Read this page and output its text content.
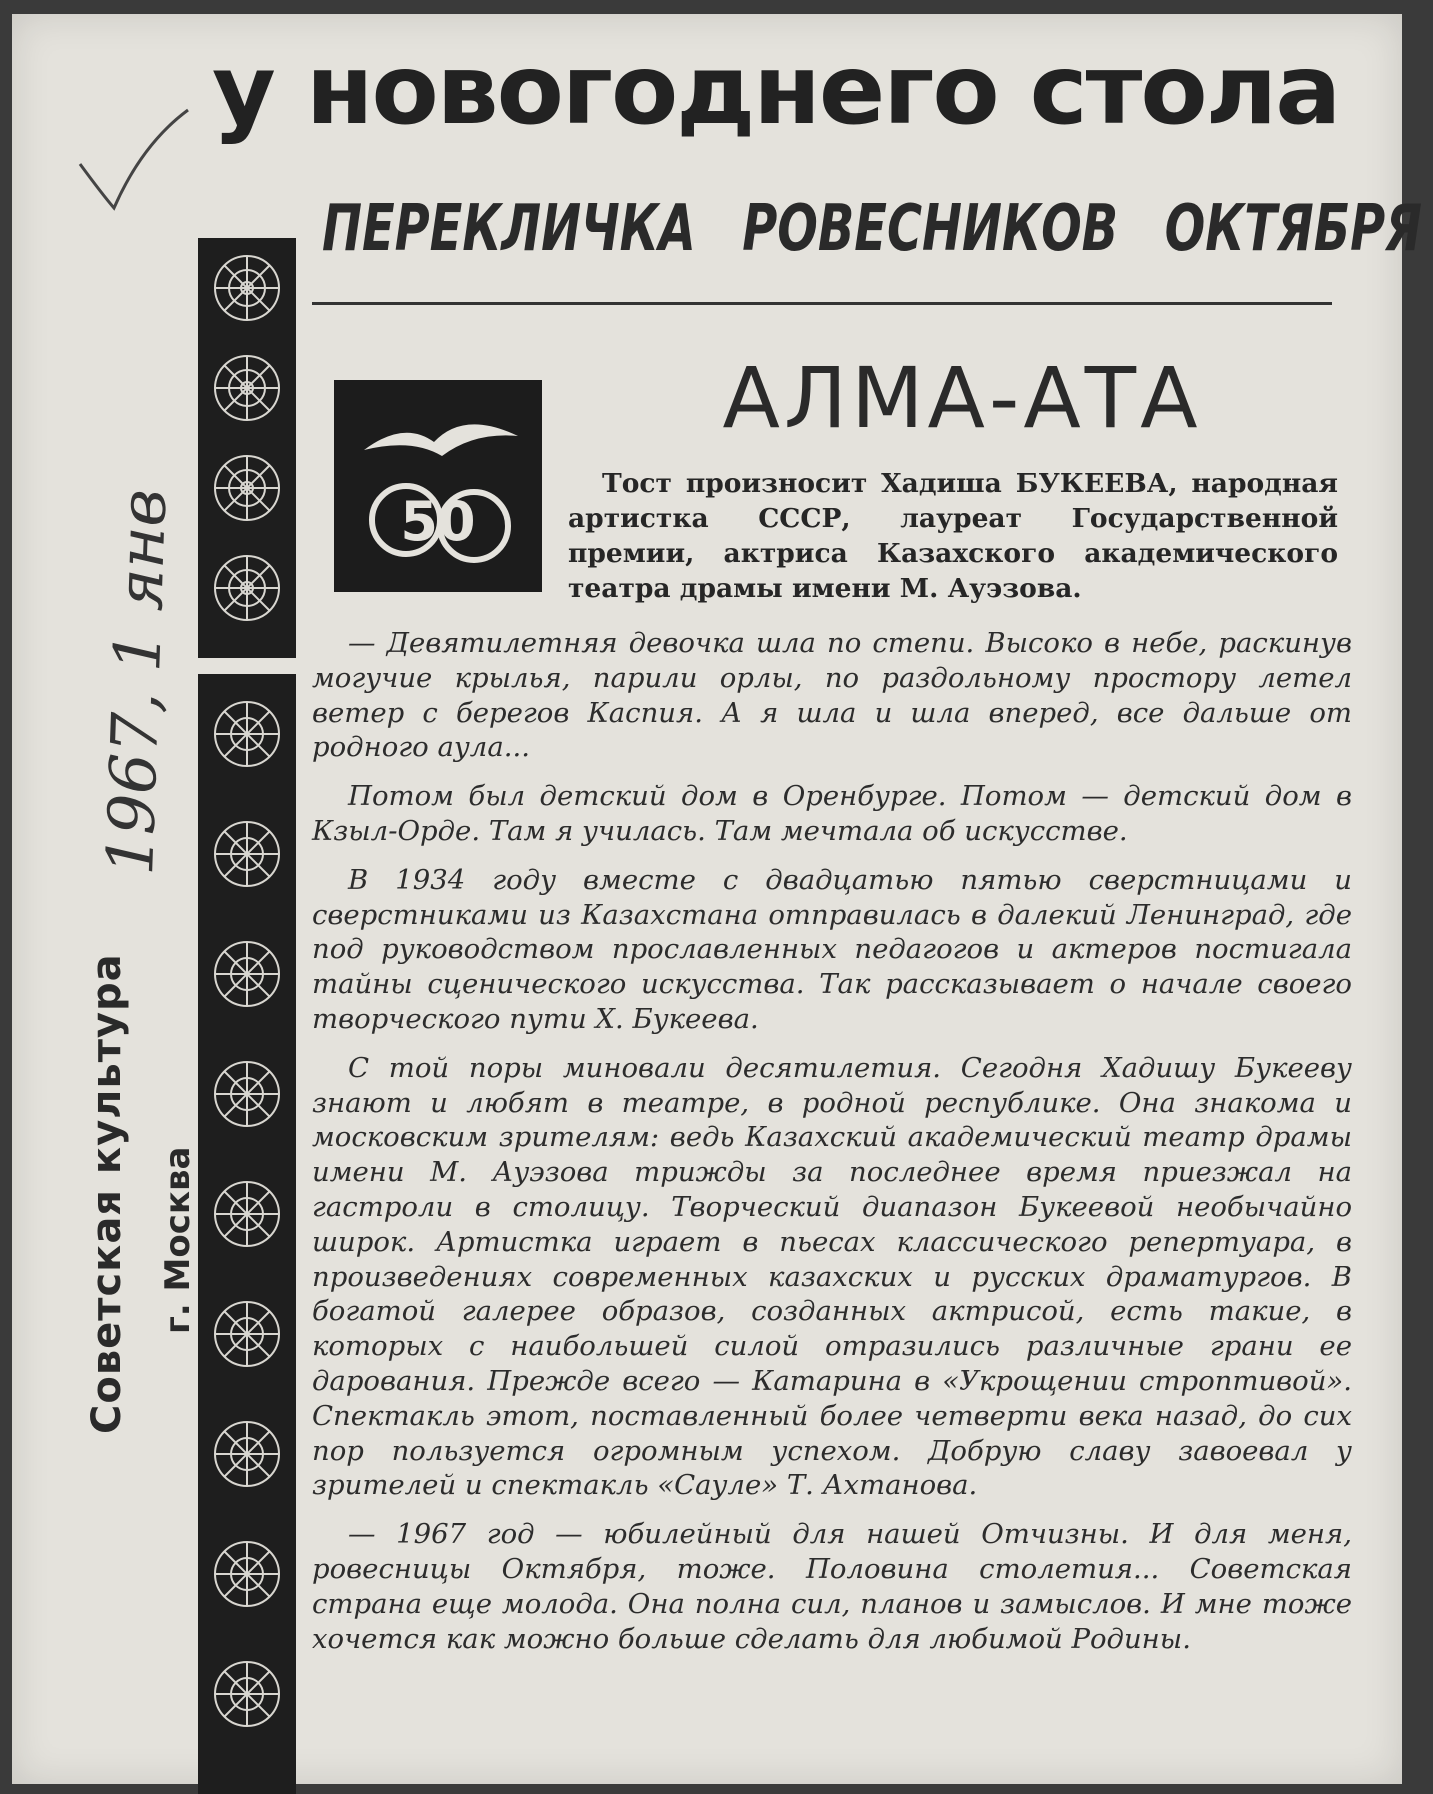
у новогоднего стола
ПЕРЕКЛИЧКА РОВЕСНИКОВ ОКТЯБРЯ
50
АЛМА-АТА

Тост произносит Хадиша БУКЕЕВА, народная артистка СССР, лауреат Государственной премии, актриса Казахского академического театра драмы имени М. Ауэзова.

— Девятилетняя девочка шла по степи. Высоко в небе, раскинув могучие крылья, парили орлы, по раздольному простору летел ветер с берегов Каспия. А я шла и шла вперед, все дальше от родного аула...

Потом был детский дом в Оренбурге. Потом — детский дом в Кзыл-Орде. Там я училась. Там мечтала об искусстве.

В 1934 году вместе с двадцатью пятью сверстницами и сверстниками из Казахстана отправилась в далекий Ленинград, где под руководством прославленных педагогов и актеров постигала тайны сценического искусства. Так рассказывает о начале своего творческого пути Х. Букеева.

С той поры миновали десятилетия. Сегодня Хадишу Букееву знают и любят в театре, в родной республике. Она знакома и московским зрителям: ведь Казахский академический театр драмы имени М. Ауэзова трижды за последнее время приезжал на гастроли в столицу. Творческий диапазон Букеевой необычайно широк. Артистка играет в пьесах классического репертуара, в произведениях современных казахских и русских драматургов. В богатой галерее образов, созданных актрисой, есть такие, в которых с наибольшей силой отразились различные грани ее дарования. Прежде всего — Катарина в «Укрощении строптивой». Спектакль этот, поставленный более четверти века назад, до сих пор пользуется огромным успехом. Добрую славу завоевал у зрителей и спектакль «Сауле» Т. Ахтанова.

— 1967 год — юбилейный для нашей Отчизны. И для меня, ровесницы Октября, тоже. Половина столетия... Советская страна еще молода. Она полна сил, планов и замыслов. И мне тоже хочется как можно больше сделать для любимой Родины.

Советская культура г. Москва
1967, 1 янв
